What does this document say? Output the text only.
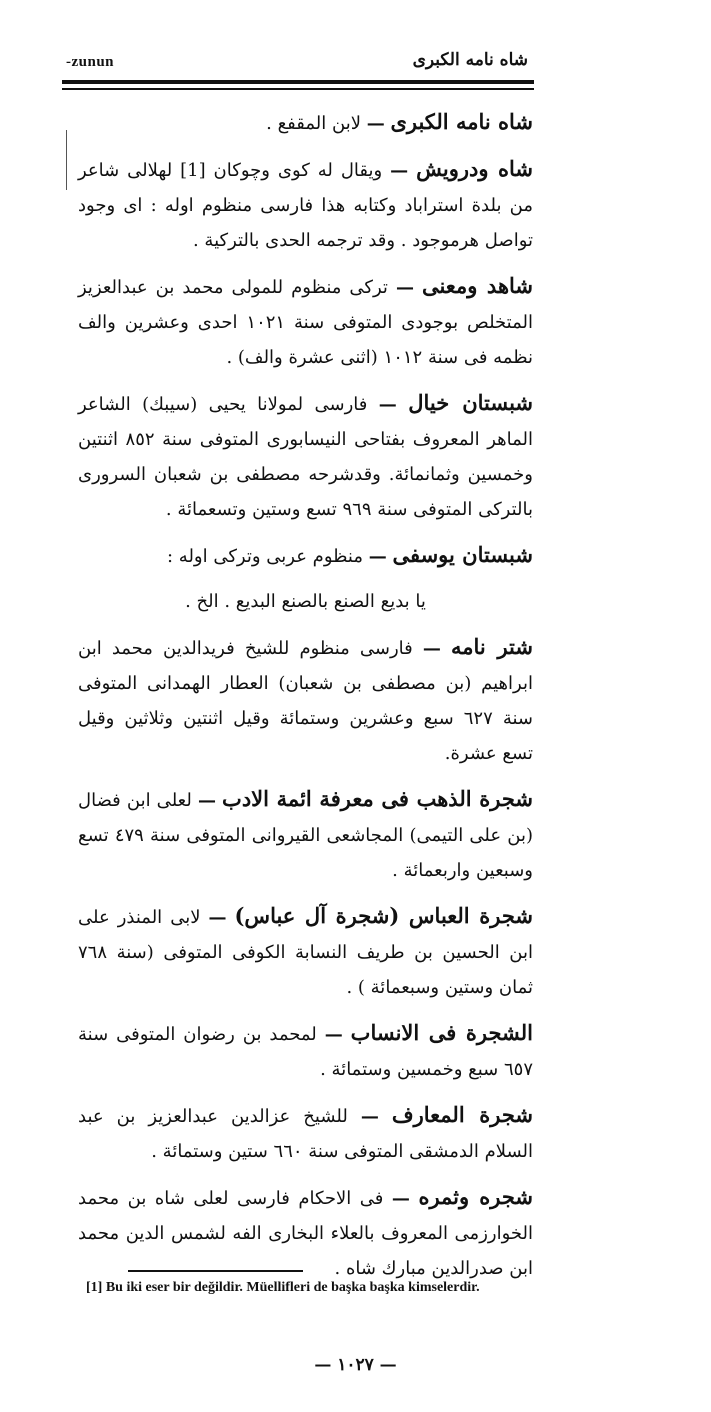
-zunun	شاه نامه الكبرى

شاه نامه الكبرى — لابن المقفع .

شاه ودرويش — ويقال له كوى وچوكان [1] لهلالى شاعر من بلدة استراباد وكتابه هذا فارسى منظوم اوله : اى وجود تواصل هرموجود . وقد ترجمه الحدى بالتركية .

شاهد ومعنى — تركى منظوم للمولى محمد بن عبدالعزيز المتخلص بوجودى المتوفى سنة ١٠٢١ احدى وعشرين والف نظمه فى سنة ١٠١٢ (اثنى عشرة والف) .

شبستان خيال — فارسى لمولانا يحيى (سيبك) الشاعر الماهر المعروف بفتاحى النيسابورى المتوفى سنة ٨٥٢ اثنتين وخمسين وثمانمائة. وقدشرحه مصطفى بن شعبان السرورى بالتركى المتوفى سنة ٩٦٩ تسع وستين وتسعمائة .

شبستان يوسفى — منظوم عربى وتركى اوله :

يا بديع الصنع بالصنع البديع . الخ .

شتر نامه — فارسى منظوم للشيخ فريدالدين محمد ابن ابراهيم (بن مصطفى بن شعبان) العطار الهمدانى المتوفى سنة ٦٢٧ سبع وعشرين وستمائة وقيل اثنتين وثلاثين وقيل تسع عشرة.

شجرة الذهب فى معرفة ائمة الادب — لعلى ابن فضال (بن على التيمى) المجاشعى القيروانى المتوفى سنة ٤٧٩ تسع وسبعين واربعمائة .

شجرة العباس (شجرة آل عباس) — لابى المنذر على ابن الحسين بن طريف النسابة الكوفى المتوفى (سنة ٧٦٨ ثمان وستين وسبعمائة ) .

الشجرة فى الانساب — لمحمد بن رضوان المتوفى سنة ٦٥٧ سبع وخمسين وستمائة .

شجرة المعارف — للشيخ عزالدين عبدالعزيز بن عبد السلام الدمشقى المتوفى سنة ٦٦٠ ستين وستمائة .

شجره وثمره — فى الاحكام فارسى لعلى شاه بن محمد الخوارزمى المعروف بالعلاء البخارى الفه لشمس الدين محمد ابن صدرالدين مبارك شاه .

[1] Bu iki eser bir değildir. Müellifleri de başka başka kimselerdir.
— ١٠٢٧ —
